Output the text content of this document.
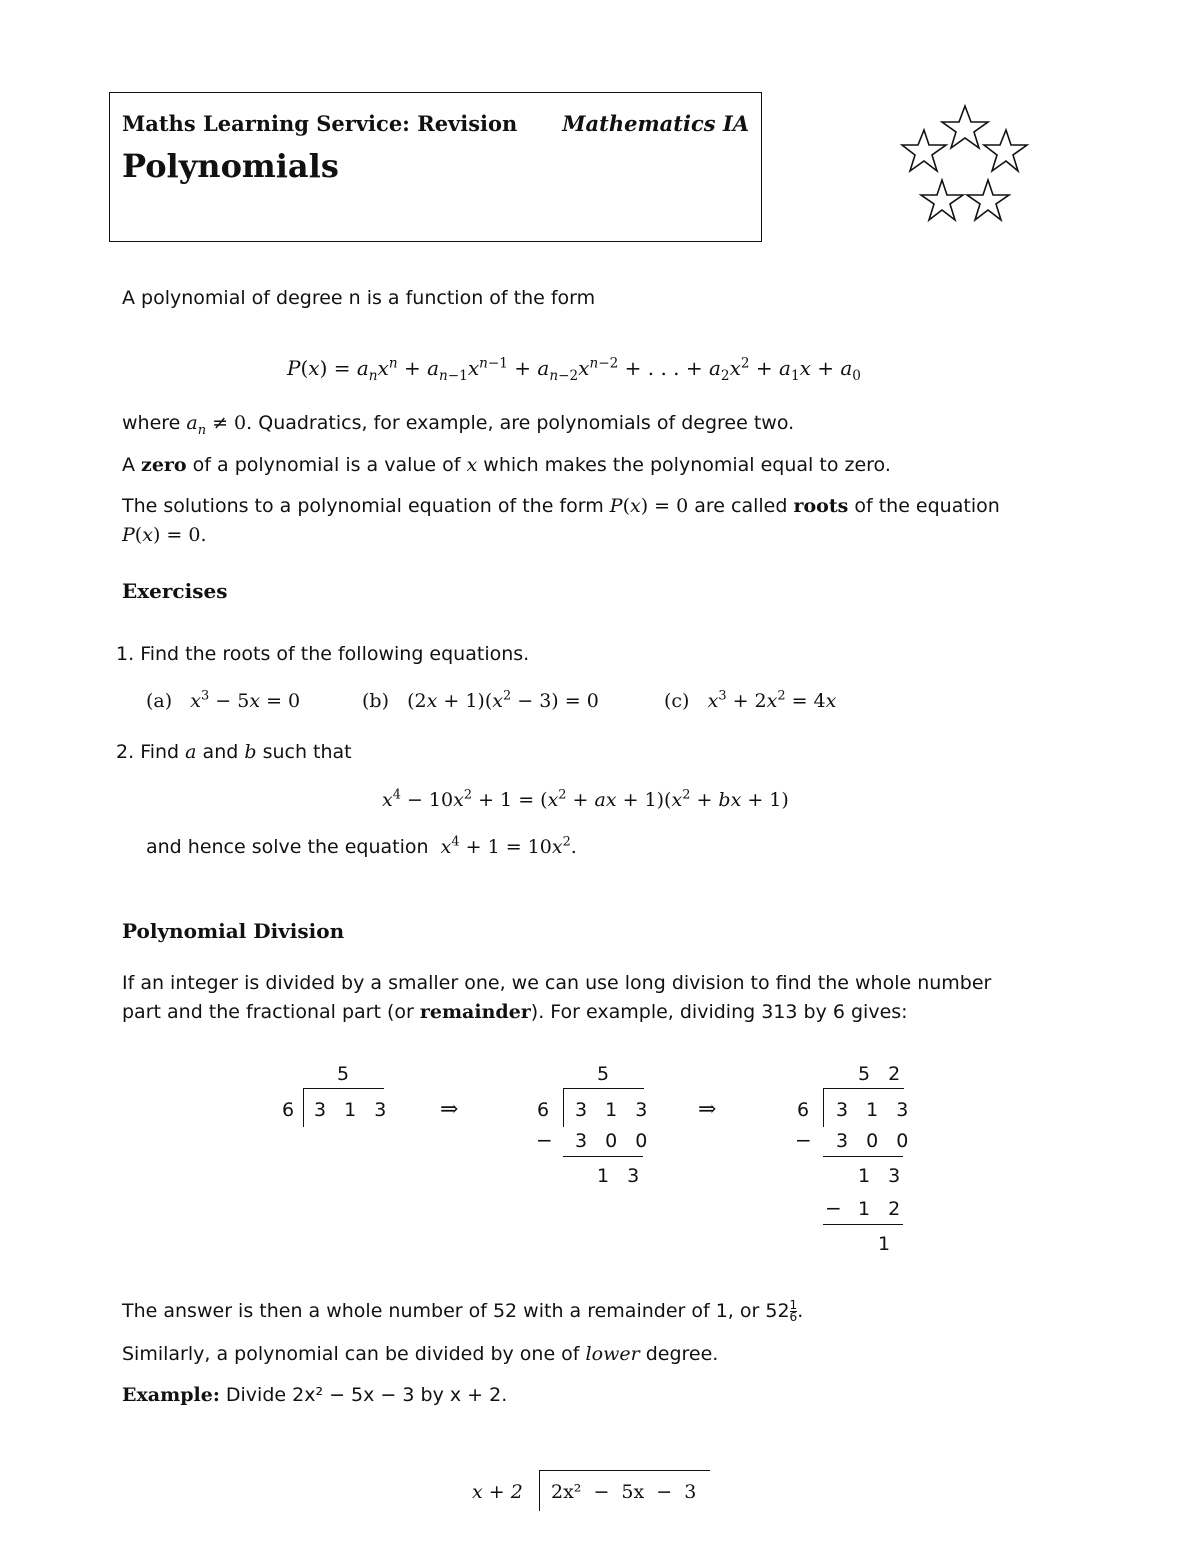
Maths Learning Service: Revision Mathematics IA
Polynomials
A polynomial of degree n is a function of the form
$P(x) = a_nx^n + a_{n-1}x^{n-1} + a_{n-2}x^{n-2}$ + . . . + $a_2x^2 + a_1x + a_0$
where $a_n \ne 0$. Quadratics, for example, are polynomials of degree two.
A zero of a polynomial is a value of x which makes the polynomial equal to zero.
The solutions to a polynomial equation of the form P(x) = 0 are called roots of the equation
P(x) = 0.
Exercises
1. Find the roots of the following equations.
(a) $x^3 - 5x = 0$	(b)   $(2x + 1)(x^2 - 3) = 0$	(c) $x^3 + 2x^2 = 4x$
2. Find a and b such that
$x^4 - 10x^2 + 1 = (x^2$ + ax + $1)(x^2$ + bx + 1)
and hence solve the equation $x^4 + 1 = 10x^2$.
Polynomial Division
If an integer is divided by a smaller one, we can use long division to find the whole number
part and the fractional part (or remainder). For example, dividing 313 by 6 gives:
5
6 3 1 3 ⇒
5
6 3 1 3
− 3 0 0
1 3
⇒
5 2
6 3 1 3
− 3 0 0
1 3
− 1 2
1
The answer is then a whole number of 52 with a remainder of 1, or $52 \frac{1}{6}$ .
Similarly, a polynomial can be divided by one of lower degree.
Example: Divide 2x² − 5x − 3 by x + 2.
x + 2 2x² − 5x − 3
